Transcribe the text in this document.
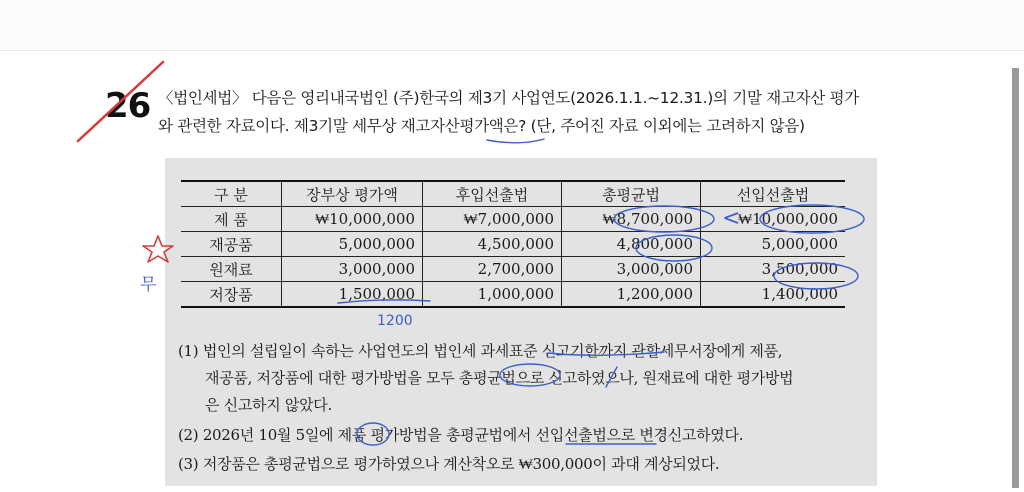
26 〈법인세법〉 다음은 영리내국법인 (주)한국의 제3기 사업연도(2026.1.1.~12.31.)의 기말 재고자산 평가
와 관련한 자료이다. 제3기말 세무상 재고자산평가액은? (단, 주어진 자료 이외에는 고려하지 않음)
구 분	장부상 평가액	후입선출법	총평균법	선입선출법
제 품	₩10,000,000	₩7,000,000	₩8,700,000	₩10,000,000
재공품	5,000,000	4,500,000	4,800,000	5,000,000
원재료	3,000,000	2,700,000	3,000,000	3,500,000
저장품	1,500,000	1,000,000	1,200,000	1,400,000
(1) 법인의 설립일이 속하는 사업연도의 법인세 과세표준 신고기한까지 관할세무서장에게 제품,
재공품, 저장품에 대한 평가방법을 모두 총평균법으로 신고하였으나, 원재료에 대한 평가방법
은 신고하지 않았다.
(2) 2026년 10월 5일에 제품 평가방법을 총평균법에서 선입선출법으로 변경신고하였다.
(3) 저장품은 총평균법으로 평가하였으나 계산착오로 ₩300,000이 과대 계상되었다.
1200
무
<
